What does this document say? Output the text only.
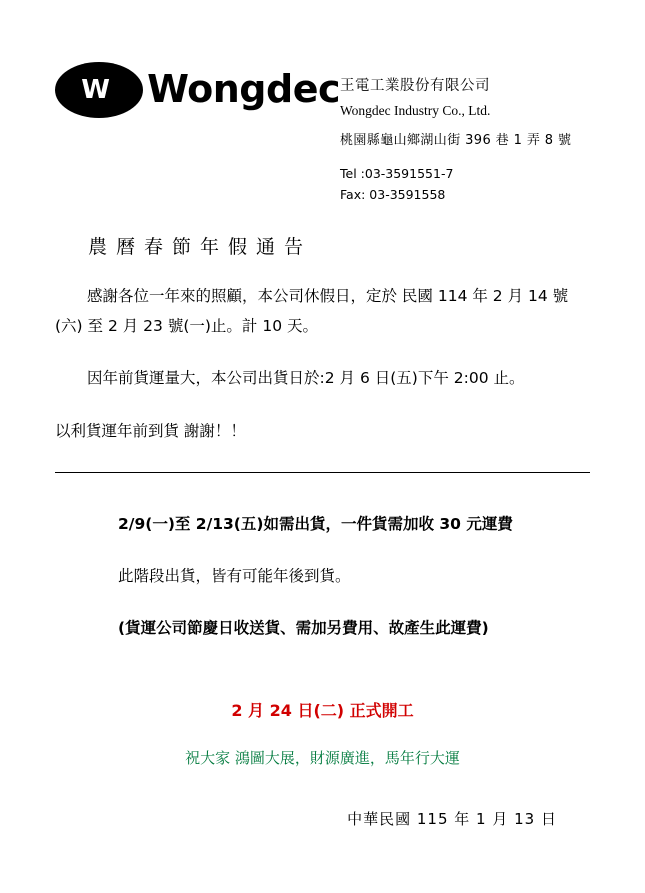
W Wongdec 王電工業股份有限公司
Wongdec Industry Co., Ltd.
桃園縣龜山鄉湖山街 396 巷 1 弄 8 號
Tel :03-3591551-7
Fax: 03-3591558
農曆春節年假通告
感謝各位一年來的照顧，本公司休假日，定於 民國 114 年 2 月 14 號 (六) 至 2 月 23 號(一)止。計 10 天。
因年前貨運量大，本公司出貨日於:2 月 6 日(五)下午 2:00 止。
以利貨運年前到貨 謝謝！！
2/9(一)至 2/13(五)如需出貨，一件貨需加收 30 元運費
此階段出貨，皆有可能年後到貨。
(貨運公司節慶日收送貨、需加另費用、故產生此運費)
2 月 24 日(二) 正式開工
祝大家 鴻圖大展，財源廣進，馬年行大運
中華民國 115 年 1 月 13 日
